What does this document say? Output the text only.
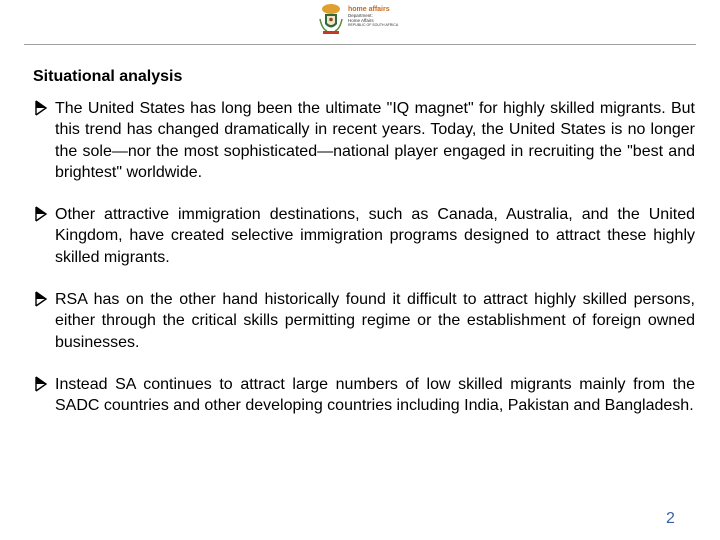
home affairs
Department:
Home Affairs
REPUBLIC OF SOUTH AFRICA
Situational analysis

The United States has long been the ultimate "IQ magnet" for highly skilled migrants. But this trend has changed dramatically in recent years. Today, the United States is no longer the sole—nor the most sophisticated—national player engaged in recruiting the "best and brightest" worldwide.

Other attractive immigration destinations, such as Canada, Australia, and the United Kingdom, have created selective immigration programs designed to attract these highly skilled migrants.

RSA has on the other hand historically found it difficult to attract highly skilled persons, either through the critical skills permitting regime or the establishment of foreign owned businesses.

Instead SA continues to attract large numbers of low skilled migrants mainly from the SADC countries and other developing countries including India, Pakistan and Bangladesh.

2
